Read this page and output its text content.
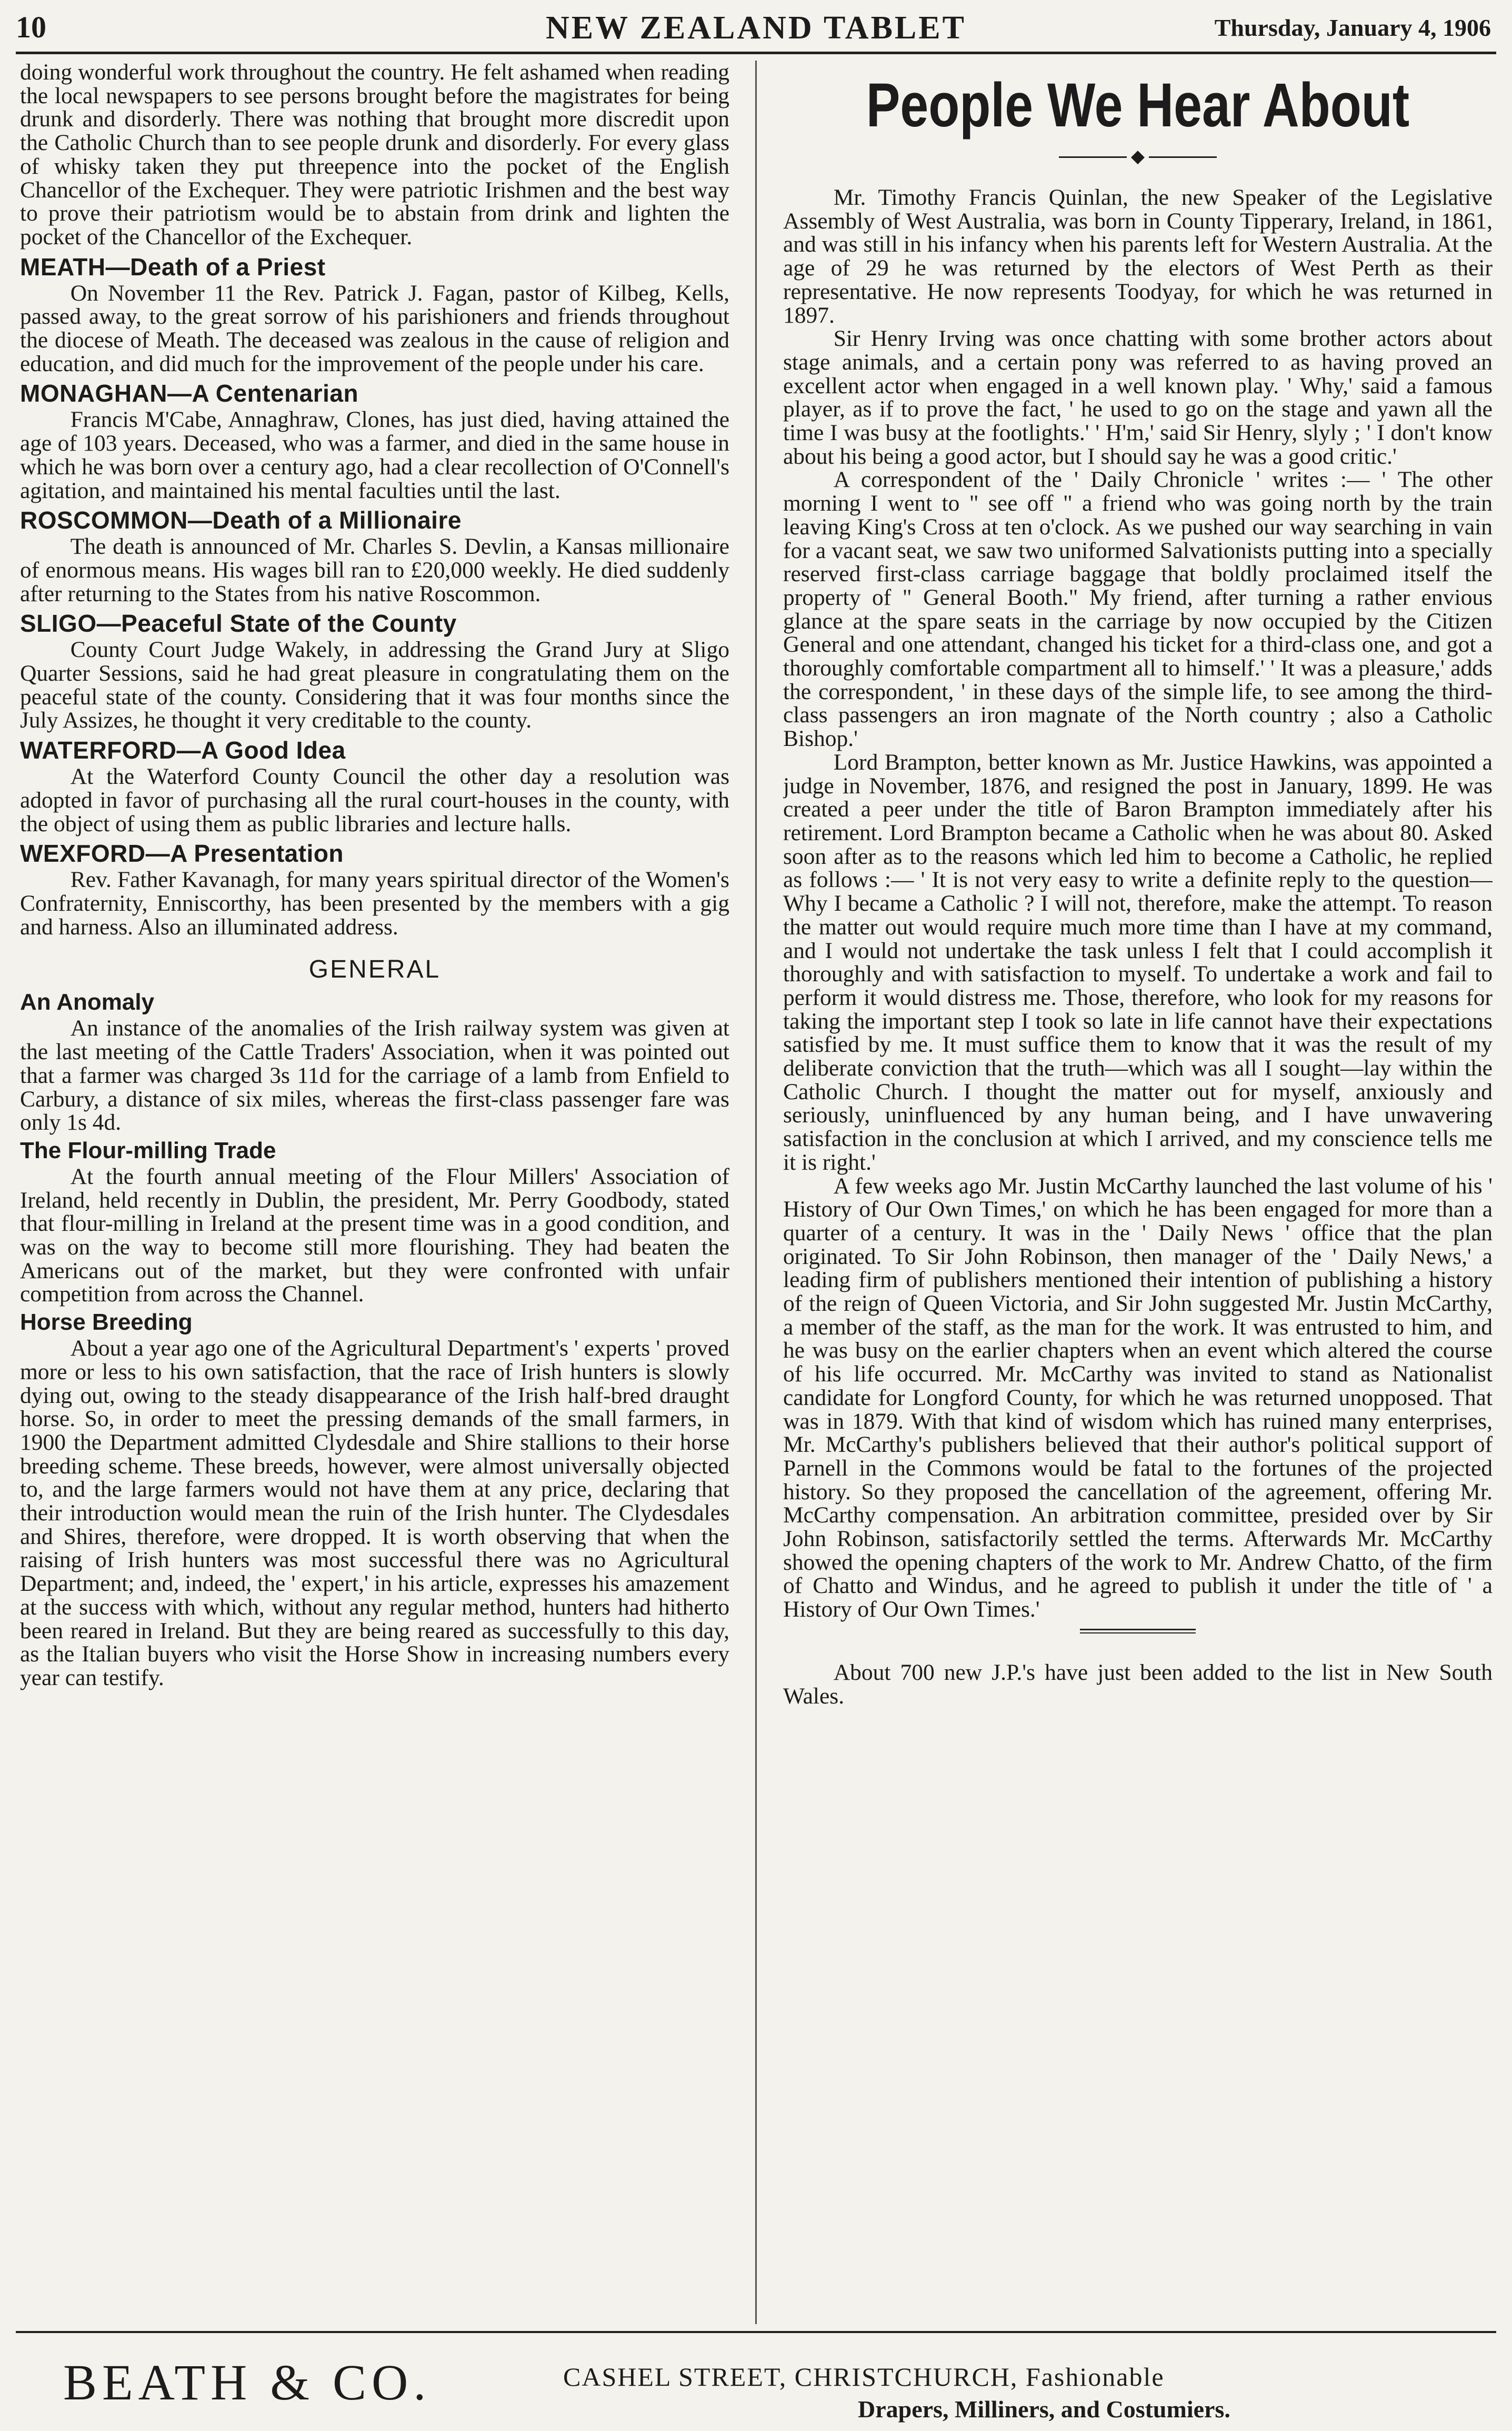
10	NEW ZEALAND TABLET	Thursday, January 4, 1906

doing wonderful work throughout the country. He felt ashamed when reading the local newspapers to see persons brought before the magistrates for being drunk and disorderly. There was nothing that brought more discredit upon the Catholic Church than to see people drunk and disorderly. For every glass of whisky taken they put threepence into the pocket of the English Chancellor of the Exchequer. They were patriotic Irishmen and the best way to prove their patriotism would be to abstain from drink and lighten the pocket of the Chancellor of the Exchequer.

MEATH—Death of a Priest

On November 11 the Rev. Patrick J. Fagan, pastor of Kilbeg, Kells, passed away, to the great sorrow of his parishioners and friends throughout the diocese of Meath. The deceased was zealous in the cause of religion and education, and did much for the improvement of the people under his care.

MONAGHAN—A Centenarian

Francis M'Cabe, Annaghraw, Clones, has just died, having attained the age of 103 years. Deceased, who was a farmer, and died in the same house in which he was born over a century ago, had a clear recollection of O'Connell's agitation, and maintained his mental faculties until the last.

ROSCOMMON—Death of a Millionaire

The death is announced of Mr. Charles S. Devlin, a Kansas millionaire of enormous means. His wages bill ran to £20,000 weekly. He died suddenly after returning to the States from his native Roscommon.

SLIGO—Peaceful State of the County

County Court Judge Wakely, in addressing the Grand Jury at Sligo Quarter Sessions, said he had great pleasure in congratulating them on the peaceful state of the county. Considering that it was four months since the July Assizes, he thought it very creditable to the county.

WATERFORD—A Good Idea

At the Waterford County Council the other day a resolution was adopted in favor of purchasing all the rural court-houses in the county, with the object of using them as public libraries and lecture halls.

WEXFORD—A Presentation

Rev. Father Kavanagh, for many years spiritual director of the Women's Confraternity, Enniscorthy, has been presented by the members with a gig and harness. Also an illuminated address.

GENERAL
An Anomaly

An instance of the anomalies of the Irish railway system was given at the last meeting of the Cattle Traders' Association, when it was pointed out that a farmer was charged 3s 11d for the carriage of a lamb from Enfield to Carbury, a distance of six miles, whereas the first-class passenger fare was only 1s 4d.

The Flour-milling Trade

At the fourth annual meeting of the Flour Millers' Association of Ireland, held recently in Dublin, the president, Mr. Perry Goodbody, stated that flour-milling in Ireland at the present time was in a good condition, and was on the way to become still more flourishing. They had beaten the Americans out of the market, but they were confronted with unfair competition from across the Channel.

Horse Breeding

About a year ago one of the Agricultural Department's ' experts ' proved more or less to his own satisfaction, that the race of Irish hunters is slowly dying out, owing to the steady disappearance of the Irish half-bred draught horse. So, in order to meet the pressing demands of the small farmers, in 1900 the Department admitted Clydesdale and Shire stallions to their horse breeding scheme. These breeds, however, were almost universally objected to, and the large farmers would not have them at any price, declaring that their introduction would mean the ruin of the Irish hunter. The Clydesdales and Shires, therefore, were dropped. It is worth observing that when the raising of Irish hunters was most successful there was no Agricultural Department; and, indeed, the ' expert,' in his article, expresses his amazement at the success with which, without any regular method, hunters had hitherto been reared in Ireland. But they are being reared as successfully to this day, as the Italian buyers who visit the Horse Show in increasing numbers every year can testify.

People We Hear About
◆

Mr. Timothy Francis Quinlan, the new Speaker of the Legislative Assembly of West Australia, was born in County Tipperary, Ireland, in 1861, and was still in his infancy when his parents left for Western Australia. At the age of 29 he was returned by the electors of West Perth as their representative. He now represents Toodyay, for which he was returned in 1897.

Sir Henry Irving was once chatting with some brother actors about stage animals, and a certain pony was referred to as having proved an excellent actor when engaged in a well known play. ' Why,' said a famous player, as if to prove the fact, ' he used to go on the stage and yawn all the time I was busy at the footlights.' ' H'm,' said Sir Henry, slyly ; ' I don't know about his being a good actor, but I should say he was a good critic.'

A correspondent of the ' Daily Chronicle ' writes :— ' The other morning I went to " see off " a friend who was going north by the train leaving King's Cross at ten o'clock. As we pushed our way searching in vain for a vacant seat, we saw two uniformed Salvationists putting into a specially reserved first-class carriage baggage that boldly proclaimed itself the property of " General Booth." My friend, after turning a rather envious glance at the spare seats in the carriage by now occupied by the Citizen General and one attendant, changed his ticket for a third-class one, and got a thoroughly comfortable compartment all to himself.' ' It was a pleasure,' adds the correspondent, ' in these days of the simple life, to see among the third-class passengers an iron magnate of the North country ; also a Catholic Bishop.'

Lord Brampton, better known as Mr. Justice Hawkins, was appointed a judge in November, 1876, and resigned the post in January, 1899. He was created a peer under the title of Baron Brampton immediately after his retirement. Lord Brampton became a Catholic when he was about 80. Asked soon after as to the reasons which led him to become a Catholic, he replied as follows :— ' It is not very easy to write a definite reply to the question—Why I became a Catholic ? I will not, therefore, make the attempt. To reason the matter out would require much more time than I have at my command, and I would not undertake the task unless I felt that I could accomplish it thoroughly and with satisfaction to myself. To undertake a work and fail to perform it would distress me. Those, therefore, who look for my reasons for taking the important step I took so late in life cannot have their expectations satisfied by me. It must suffice them to know that it was the result of my deliberate conviction that the truth—which was all I sought—lay within the Catholic Church. I thought the matter out for myself, anxiously and seriously, uninfluenced by any human being, and I have unwavering satisfaction in the conclusion at which I arrived, and my conscience tells me it is right.'

A few weeks ago Mr. Justin McCarthy launched the last volume of his ' History of Our Own Times,' on which he has been engaged for more than a quarter of a century. It was in the ' Daily News ' office that the plan originated. To Sir John Robinson, then manager of the ' Daily News,' a leading firm of publishers mentioned their intention of publishing a history of the reign of Queen Victoria, and Sir John suggested Mr. Justin McCarthy, a member of the staff, as the man for the work. It was entrusted to him, and he was busy on the earlier chapters when an event which altered the course of his life occurred. Mr. McCarthy was invited to stand as Nationalist candidate for Longford County, for which he was returned unopposed. That was in 1879. With that kind of wisdom which has ruined many enterprises, Mr. McCarthy's publishers believed that their author's political support of Parnell in the Commons would be fatal to the fortunes of the projected history. So they proposed the cancellation of the agreement, offering Mr. McCarthy compensation. An arbitration committee, presided over by Sir John Robinson, satisfactorily settled the terms. Afterwards Mr. McCarthy showed the opening chapters of the work to Mr. Andrew Chatto, of the firm of Chatto and Windus, and he agreed to publish it under the title of ' a History of Our Own Times.'

About 700 new J.P.'s have just been added to the list in New South Wales.

BEATH & CO.	CASHEL STREET, CHRISTCHURCH, Fashionable
Drapers, Milliners, and Costumiers.
